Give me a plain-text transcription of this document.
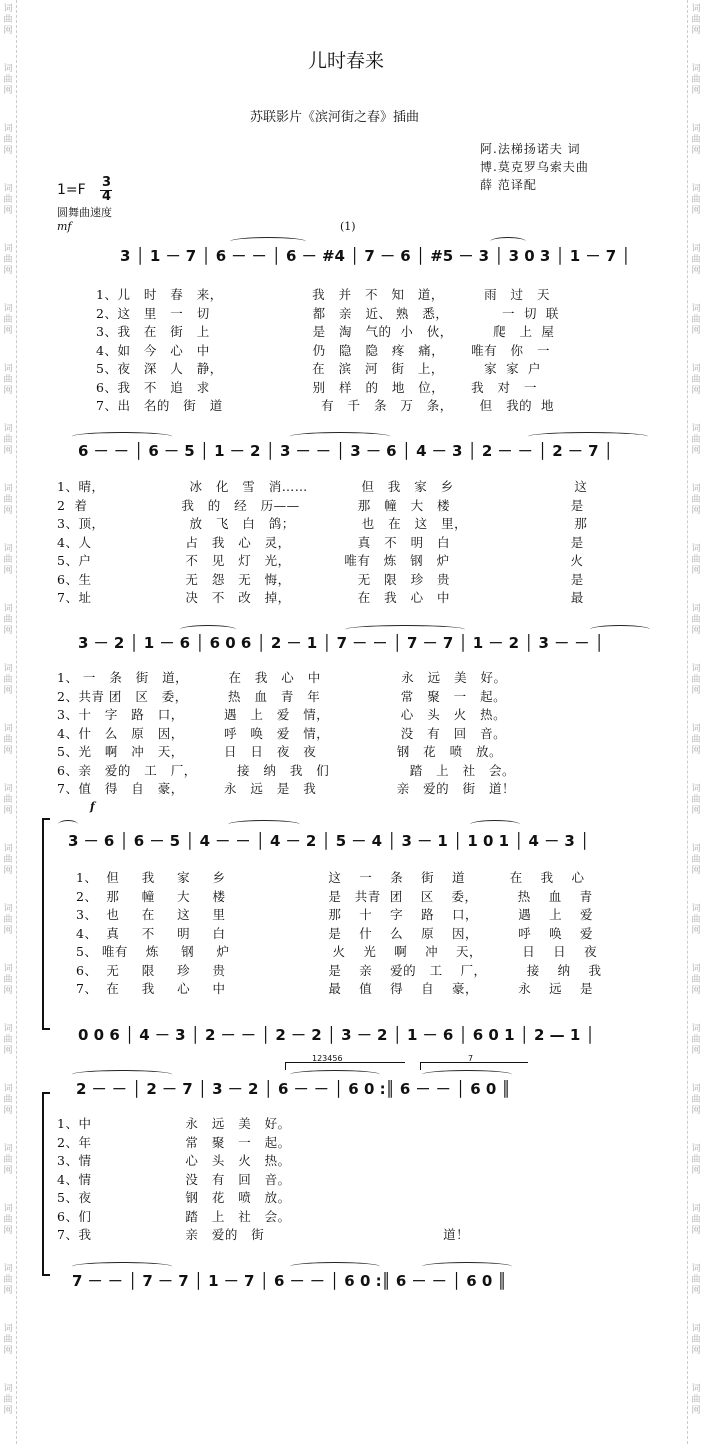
词
曲
网
词
曲
网
词
曲
网
词
曲
网
词
曲
网
词
曲
网
词
曲
网
词
曲
网
词
曲
网
词
曲
网
词
曲
网
词
曲
网
词
曲
网
词
曲
网
词
曲
网
词
曲
网
词
曲
网
词
曲
网
词
曲
网
词
曲
网
词
曲
网
词
曲
网
词
曲
网
词
曲
网
词
曲
网
词
曲
网
词
曲
网
词
曲
网
词
曲
网
词
曲
网
词
曲
网
词
曲
网
词
曲
网
词
曲
网
词
曲
网
词
曲
网
词
曲
网
词
曲
网
词
曲
网
词
曲
网
词
曲
网
词
曲
网
词
曲
网
词
曲
网
词
曲
网
词
曲
网
词
曲
网
词
曲
网
儿时春来
苏联影片《滨河街之春》插曲
阿.法梯扬诺夫 词
博.莫克罗乌索夫曲
薛 范译配
1=F 3
4
圆舞曲速度
mf	(1)
3 │ 1 － 7 │ 6 － － │ 6 － #4 │ 7 － 6 │ #5 － 3 │ 3 0 3 │ 1 － 7 │
1、儿   时   春   来，                    我   并   不   知   道，         雨   过   天
2、这   里   一   切                       都   亲   近、 熟   悉，            一  切  联
3、我   在   街   上                       是   淘   气的  小   伙，         爬   上  屋
4、如   今   心   中                       仍   隐   隐   疼   痛，      唯有   你   一
5、夜   深   人   静，                    在   滨   河   街   上，         家  家  户
6、我   不   追   求                       别   样   的   地   位，      我   对   一
7、出   名的   街   道                      有   千   条   万   条，      但   我的  地
6 － － │ 6 － 5 │ 1 － 2 │ 3 － － │ 3 － 6 │ 4 － 3 │ 2 － － │ 2 － 7 │
1、晴，                   冰   化   雪   消……            但   我   家   乡                           这
2  着                     我   的   经   历——             那   幢   大   楼                           是
3、顶，                   放   飞   白   鸽；               也   在   这   里，                        那
4、人                     占   我   心   灵，               真   不   明   白                           是
5、户                     不   见   灯   光，            唯有   炼   钢   炉                           火
6、生                     无   怨   无   悔，               无   限   珍   贵                           是
7、址                     决   不   改   掉，               在   我   心   中                           最
3 － 2 │ 1 － 6 │ 6 0 6 │ 2 － 1 │ 7 － － │ 7 － 7 │ 1 － 2 │ 3 － － │
1、 一   条   街   道，         在   我   心   中                  永   远   美   好。
2、共青 团   区   委，         热   血   青   年                  常   聚   一   起。
3、十   字   路   口，         遇   上   爱   情，                心   头   火   热。
4、什   么   原   因，         呼   唤   爱   情，                没   有   回   音。
5、光   啊   冲   天，         日   日   夜   夜                  钢   花   喷   放。
6、亲   爱的   工   厂，         接   纳   我   们                  踏   上   社   会。
7、值   得   自   豪，         永   远   是   我                  亲   爱的   街   道！
f
3 － 6 │ 6 － 5 │ 4 － － │ 4 － 2 │ 5 － 4 │ 3 － 1 │ 1 0 1 │ 4 － 3 │
1、  但     我     家     乡                       这    一    条    街    道          在    我    心
2、  那     幢     大     楼                       是   共青  团    区    委，         热    血    青
3、  也     在     这     里                       那    十    字    路    口，         遇    上    爱
4、  真     不     明     白                       是    什    么    原    因，         呼    唤    爱
5、 唯有    炼     钢     炉                       火    光    啊    冲    天，         日    日    夜
6、  无     限     珍     贵                       是    亲    爱的   工    厂，         接    纳    我
7、  在     我     心     中                       最    值    得    自    豪，         永    远    是
0 0 6 │ 4 － 3 │ 2 － － │ 2 － 2 │ 3 － 2 │ 1 － 6 │ 6 0 1 │ 2 — 1 │
123456	7
2 － － │ 2 － 7 │ 3 － 2 │ 6 － － │ 6 0 :║ 6 － － │ 6 0 ║
1、中                     永   远   美   好。
2、年                     常   聚   一   起。
3、情                     心   头   火   热。
4、情                     没   有   回   音。
5、夜                     钢   花   喷   放。
6、们                     踏   上   社   会。
7、我                     亲   爱的   街                                        道！
7 － － │ 7 － 7 │ 1 － 7 │ 6 － － │ 6 0 :║ 6 － － │ 6 0 ║
